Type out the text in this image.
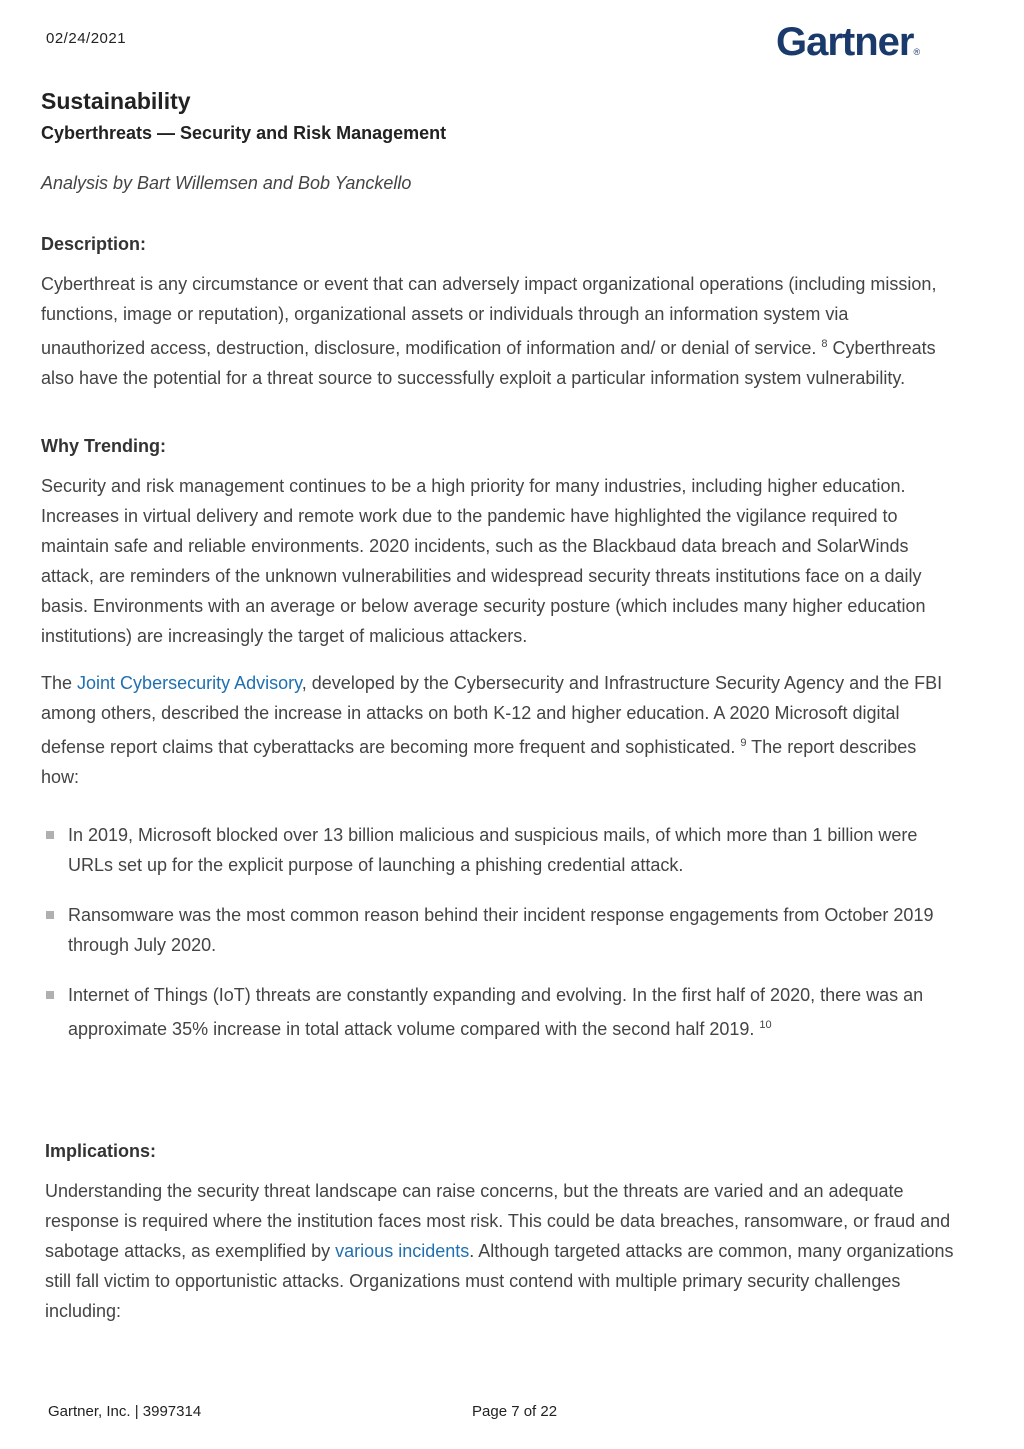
02/24/2021	Gartner®
Sustainability
Cyberthreats — Security and Risk Management

Analysis by Bart Willemsen and Bob Yanckello

Description:

Cyberthreat is any circumstance or event that can adversely impact organizational operations (including mission, functions, image or reputation), organizational assets or individuals through an information system via unauthorized access, destruction, disclosure, modification of information and/ or denial of service. $^8$ Cyberthreats also have the potential for a threat source to successfully exploit a particular information system vulnerability.

Why Trending:

Security and risk management continues to be a high priority for many industries, including higher education. Increases in virtual delivery and remote work due to the pandemic have highlighted the vigilance required to maintain safe and reliable environments. 2020 incidents, such as the Blackbaud data breach and SolarWinds attack, are reminders of the unknown vulnerabilities and widespread security threats institutions face on a daily basis. Environments with an average or below average security posture (which includes many higher education institutions) are increasingly the target of malicious attackers.

The Joint Cybersecurity Advisory, developed by the Cybersecurity and Infrastructure Security Agency and the FBI among others, described the increase in attacks on both K-12 and higher education. A 2020 Microsoft digital defense report claims that cyberattacks are becoming more frequent and sophisticated. $^9$ The report describes how:

In 2019, Microsoft blocked over 13 billion malicious and suspicious mails, of which more than 1 billion were URLs set up for the explicit purpose of launching a phishing credential attack.
Ransomware was the most common reason behind their incident response engagements from October 2019 through July 2020.
Internet of Things (IoT) threats are constantly expanding and evolving. In the first half of 2020, there was an approximate 35% increase in total attack volume compared with the second half 2019. $^{10}$
Implications:

Understanding the security threat landscape can raise concerns, but the threats are varied and an adequate response is required where the institution faces most risk. This could be data breaches, ransomware, or fraud and sabotage attacks, as exemplified by various incidents. Although targeted attacks are common, many organizations still fall victim to opportunistic attacks. Organizations must contend with multiple primary security challenges including:

Gartner, Inc. | 3997314	Page 7 of 22
